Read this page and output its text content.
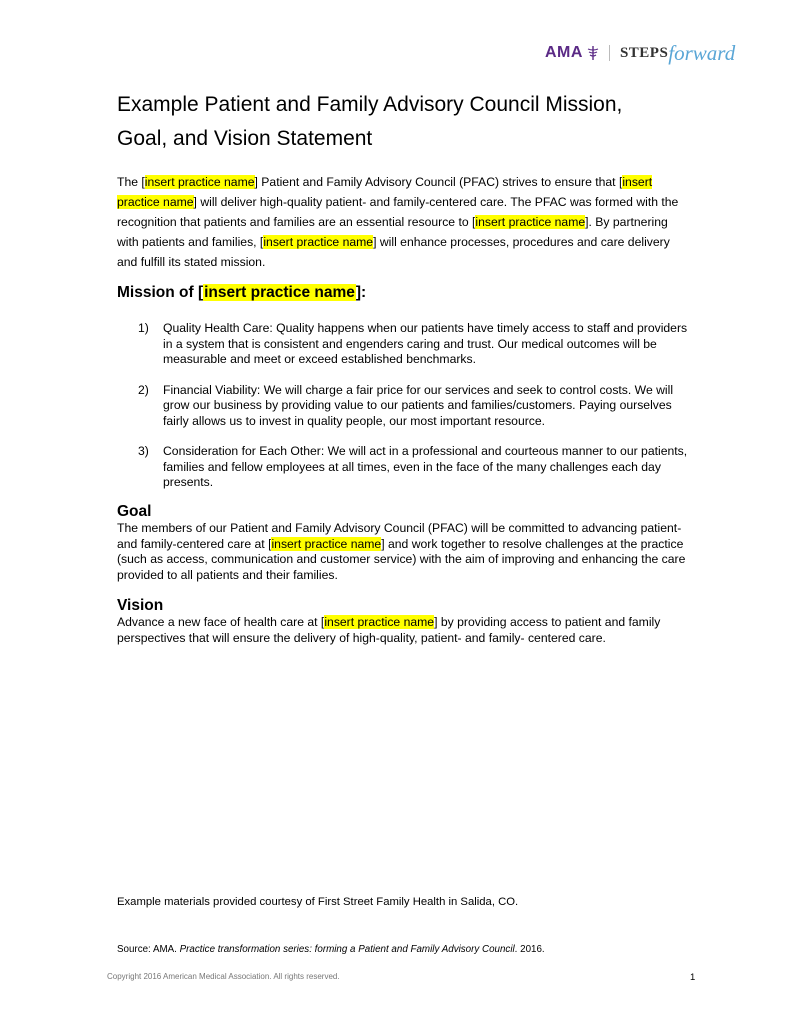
AMA STEPS forward
Example Patient and Family Advisory Council Mission,
Goal, and Vision Statement

The [insert practice name] Patient and Family Advisory Council (PFAC) strives to ensure that [insert practice name] will deliver high-quality patient- and family-centered care. The PFAC was formed with the recognition that patients and families are an essential resource to [insert practice name]. By partnering with patients and families, [insert practice name] will enhance processes, procedures and care delivery and fulfill its stated mission.

Mission of [insert practice name]:
1)	Quality Health Care: Quality happens when our patients have timely access to staff and providers in a system that is consistent and engenders caring and trust. Our medical outcomes will be measurable and meet or exceed established benchmarks.
2)	Financial Viability: We will charge a fair price for our services and seek to control costs. We will grow our business by providing value to our patients and families/customers. Paying ourselves fairly allows us to invest in quality people, our most important resource.
3)	Consideration for Each Other: We will act in a professional and courteous manner to our patients, families and fellow employees at all times, even in the face of the many challenges each day presents.
Goal

The members of our Patient and Family Advisory Council (PFAC) will be committed to advancing patient- and family-centered care at [insert practice name] and work together to resolve challenges at the practice (such as access, communication and customer service) with the aim of improving and enhancing the care provided to all patients and their families.

Vision

Advance a new face of health care at [insert practice name] by providing access to patient and family perspectives that will ensure the delivery of high-quality, patient- and family- centered care.

Example materials provided courtesy of First Street Family Health in Salida, CO.

Source: AMA. Practice transformation series: forming a Patient and Family Advisory Council. 2016.

Copyright 2016 American Medical Association. All rights reserved.	1
